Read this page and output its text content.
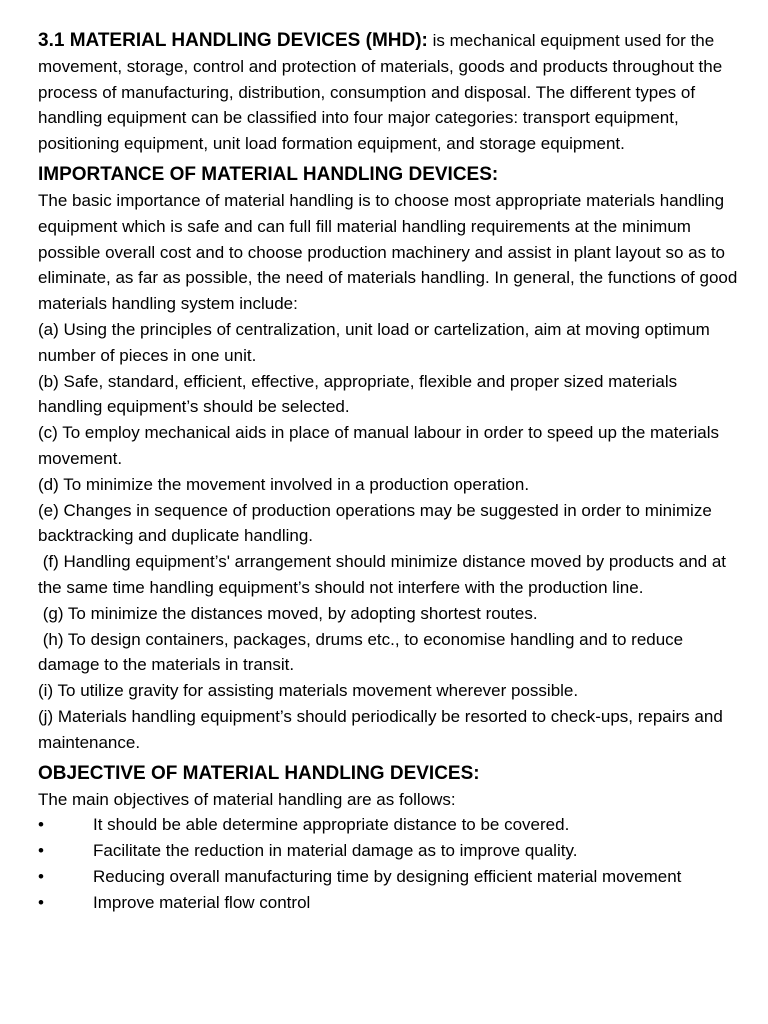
3.1 MATERIAL HANDLING DEVICES (MHD): is mechanical equipment used for the movement, storage, control and protection of materials, goods and products throughout the process of manufacturing, distribution, consumption and disposal. The different types of handling equipment can be classified into four major categories: transport equipment, positioning equipment, unit load formation equipment, and storage equipment.

IMPORTANCE OF MATERIAL HANDLING DEVICES:

The basic importance of material handling is to choose most appropriate materials handling equipment which is safe and can full fill material handling requirements at the minimum possible overall cost and to choose production machinery and assist in plant layout so as to eliminate, as far as possible, the need of materials handling. In general, the functions of good materials handling system include:

(a) Using the principles of centralization, unit load or cartelization, aim at moving optimum number of pieces in one unit.

(b) Safe, standard, efficient, effective, appropriate, flexible and proper sized materials handling equipment’s should be selected.

(c) To employ mechanical aids in place of manual labour in order to speed up the materials movement.

(d) To minimize the movement involved in a production operation.

(e) Changes in sequence of production operations may be suggested in order to minimize backtracking and duplicate handling.

(f) Handling equipment’s' arrangement should minimize distance moved by products and at the same time handling equipment’s should not interfere with the production line.

(g) To minimize the distances moved, by adopting shortest routes.

(h) To design containers, packages, drums etc., to economise handling and to reduce damage to the materials in transit.

(i) To utilize gravity for assisting materials movement wherever possible.

(j) Materials handling equipment’s should periodically be resorted to check-ups, repairs and maintenance.

OBJECTIVE OF MATERIAL HANDLING DEVICES:

The main objectives of material handling are as follows:

•	It should be able determine appropriate distance to be covered.

•	Facilitate the reduction in material damage as to improve quality.

•	Reducing overall manufacturing time by designing efficient material movement

•	Improve material flow control
